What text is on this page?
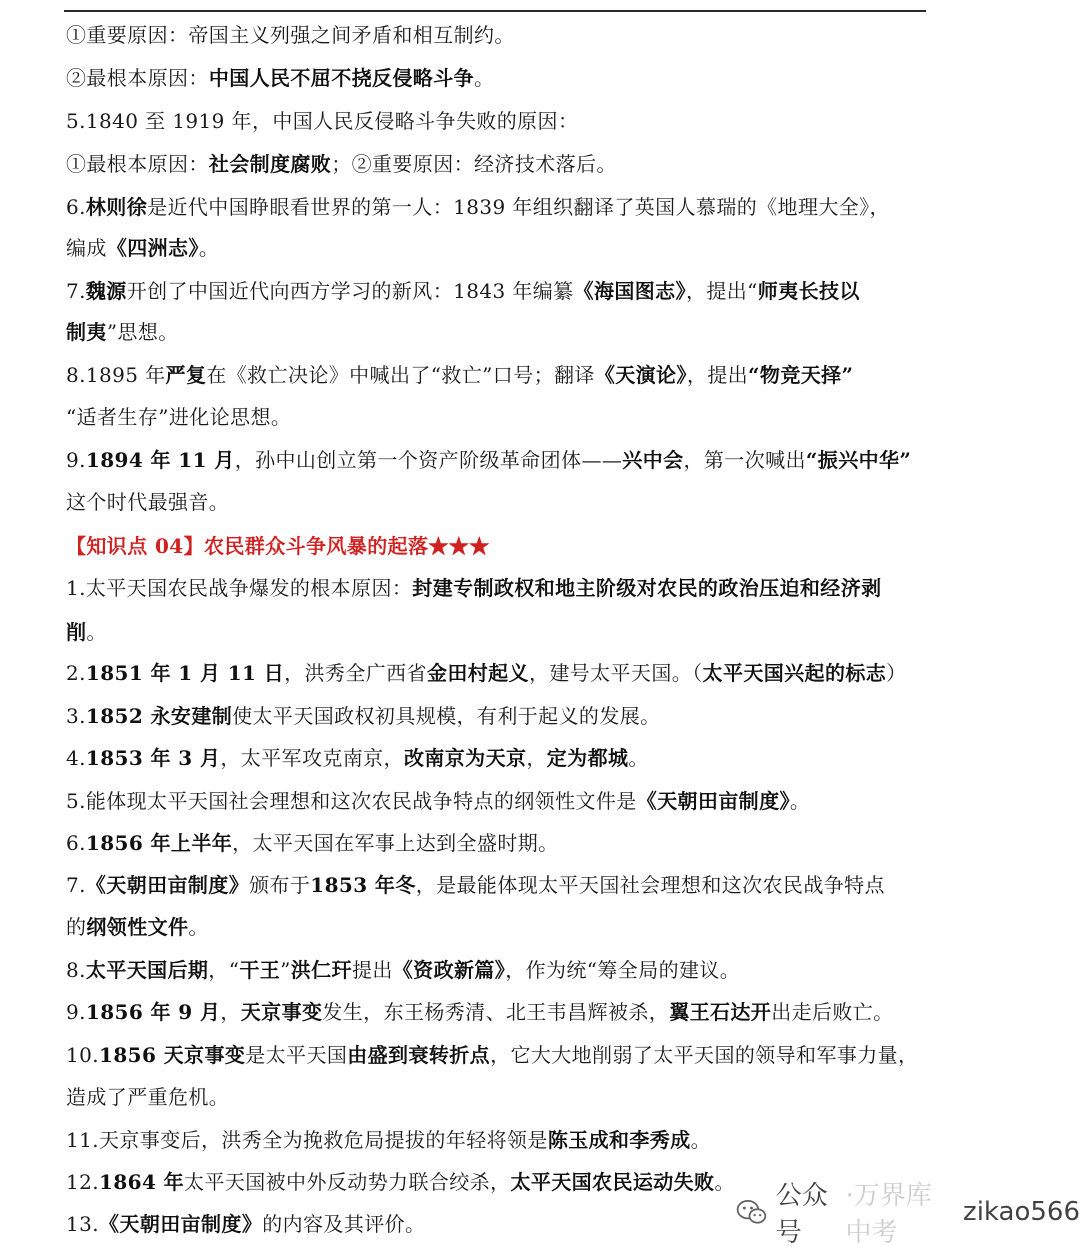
①重要原因：帝国主义列强之间矛盾和相互制约。
②最根本原因：中国人民不屈不挠反侵略斗争。
5.1840 至 1919 年，中国人民反侵略斗争失败的原因：
①最根本原因：社会制度腐败；②重要原因：经济技术落后。
6.林则徐是近代中国睁眼看世界的第一人：1839 年组织翻译了英国人慕瑞的《地理大全》，
编成《四洲志》。
7.魏源开创了中国近代向西方学习的新风：1843 年编纂《海国图志》，提出“师夷长技以
制夷”思想。
8.1895 年严复在《救亡决论》中喊出了“救亡”口号；翻译《天演论》，提出“物竞天择”
“适者生存”进化论思想。
9.1894 年 11 月，孙中山创立第一个资产阶级革命团体——兴中会，第一次喊出“振兴中华”
这个时代最强音。
【知识点 04】农民群众斗争风暴的起落★★★
1.太平天国农民战争爆发的根本原因：封建专制政权和地主阶级对农民的政治压迫和经济剥
削。
2.1851 年 1 月 11 日，洪秀全广西省金田村起义，建号太平天国。（太平天国兴起的标志）
3.1852 永安建制使太平天国政权初具规模，有利于起义的发展。
4.1853 年 3 月，太平军攻克南京，改南京为天京，定为都城。
5.能体现太平天国社会理想和这次农民战争特点的纲领性文件是《天朝田亩制度》。
6.1856 年上半年，太平天国在军事上达到全盛时期。
7.《天朝田亩制度》颁布于1853 年冬，是最能体现太平天国社会理想和这次农民战争特点
的纲领性文件。
8.太平天国后期，“干王”洪仁玕提出《资政新篇》，作为统“筹全局的建议。
9.1856 年 9 月，天京事变发生，东王杨秀清、北王韦昌辉被杀，翼王石达开出走后败亡。
10.1856 天京事变是太平天国由盛到衰转折点，它大大地削弱了太平天国的领导和军事力量，
造成了严重危机。
11.天京事变后，洪秀全为挽救危局提拔的年轻将领是陈玉成和李秀成。
12.1864 年太平天国被中外反动势力联合绞杀，太平天国农民运动失败。
13.《天朝田亩制度》的内容及其评价。
公众号
·万界库中考
zikao566
